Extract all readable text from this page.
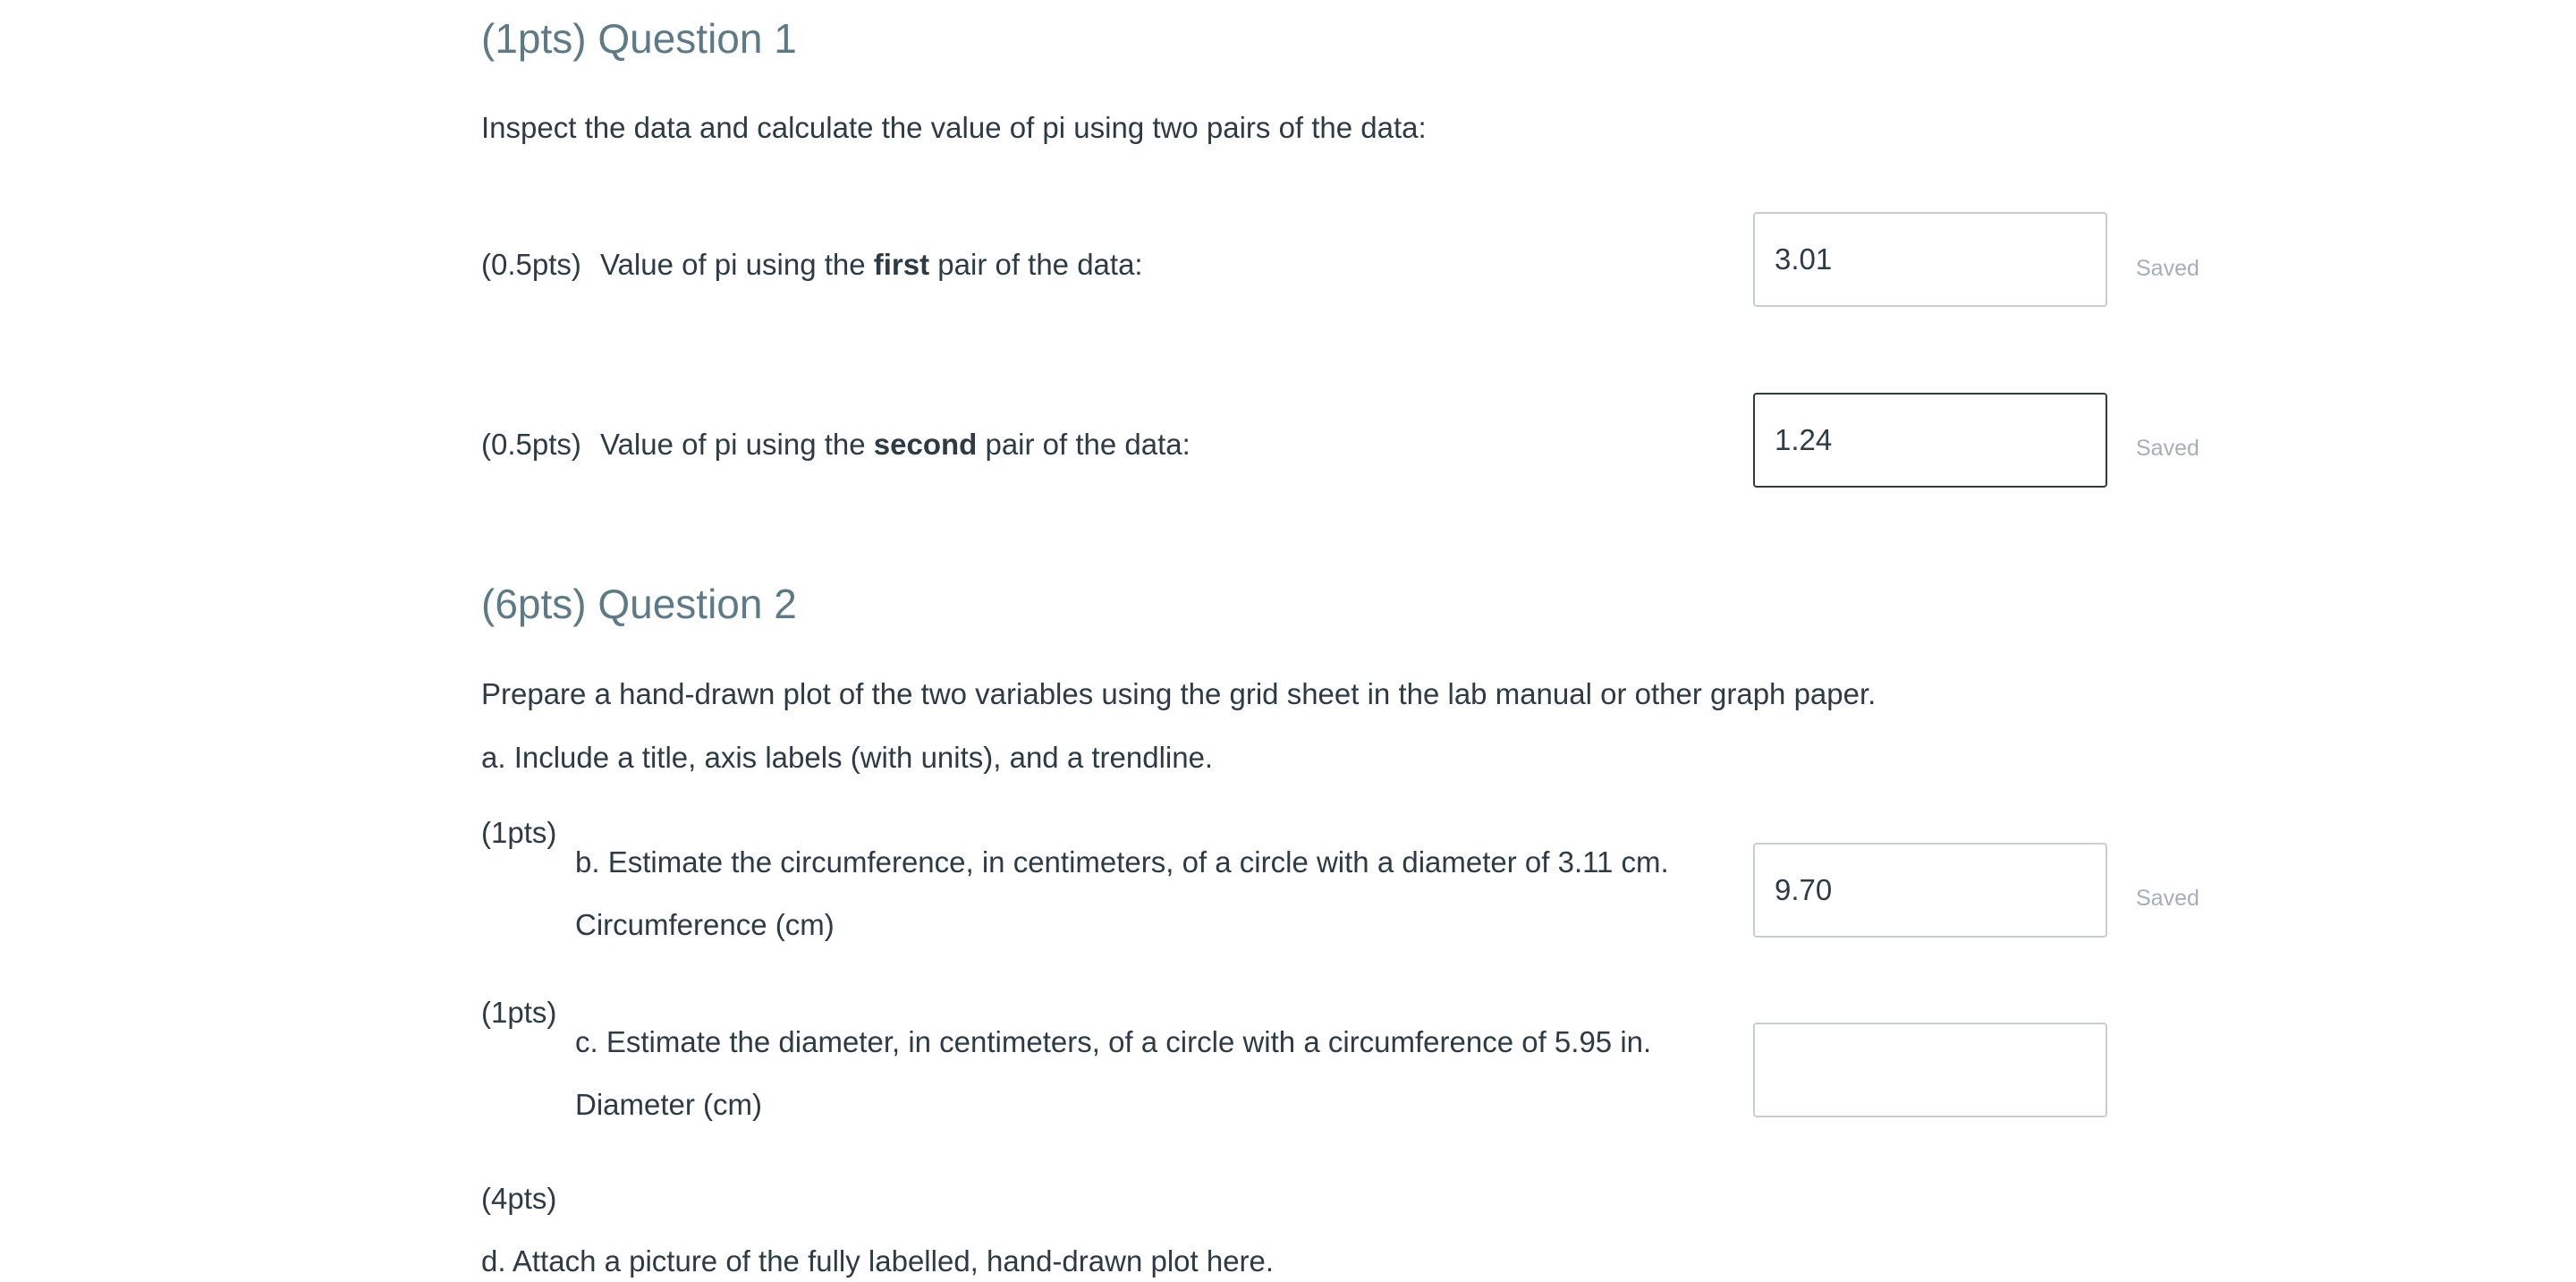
(1pts) Question 1
Inspect the data and calculate the value of pi using two pairs of the data:
(0.5pts) Value of pi using the first pair of the data:
3.01	Saved
(0.5pts) Value of pi using the second pair of the data:
1.24	Saved
(6pts) Question 2
Prepare a hand-drawn plot of the two variables using the grid sheet in the lab manual or other graph paper.
a. Include a title, axis labels (with units), and a trendline.
(1pts)
b. Estimate the circumference, in centimeters, of a circle with a diameter of 3.11 cm.
Circumference (cm)
9.70
Saved
(1pts)
c. Estimate the diameter, in centimeters, of a circle with a circumference of 5.95 in.
Diameter (cm)
(4pts)
d. Attach a picture of the fully labelled, hand-drawn plot here.
